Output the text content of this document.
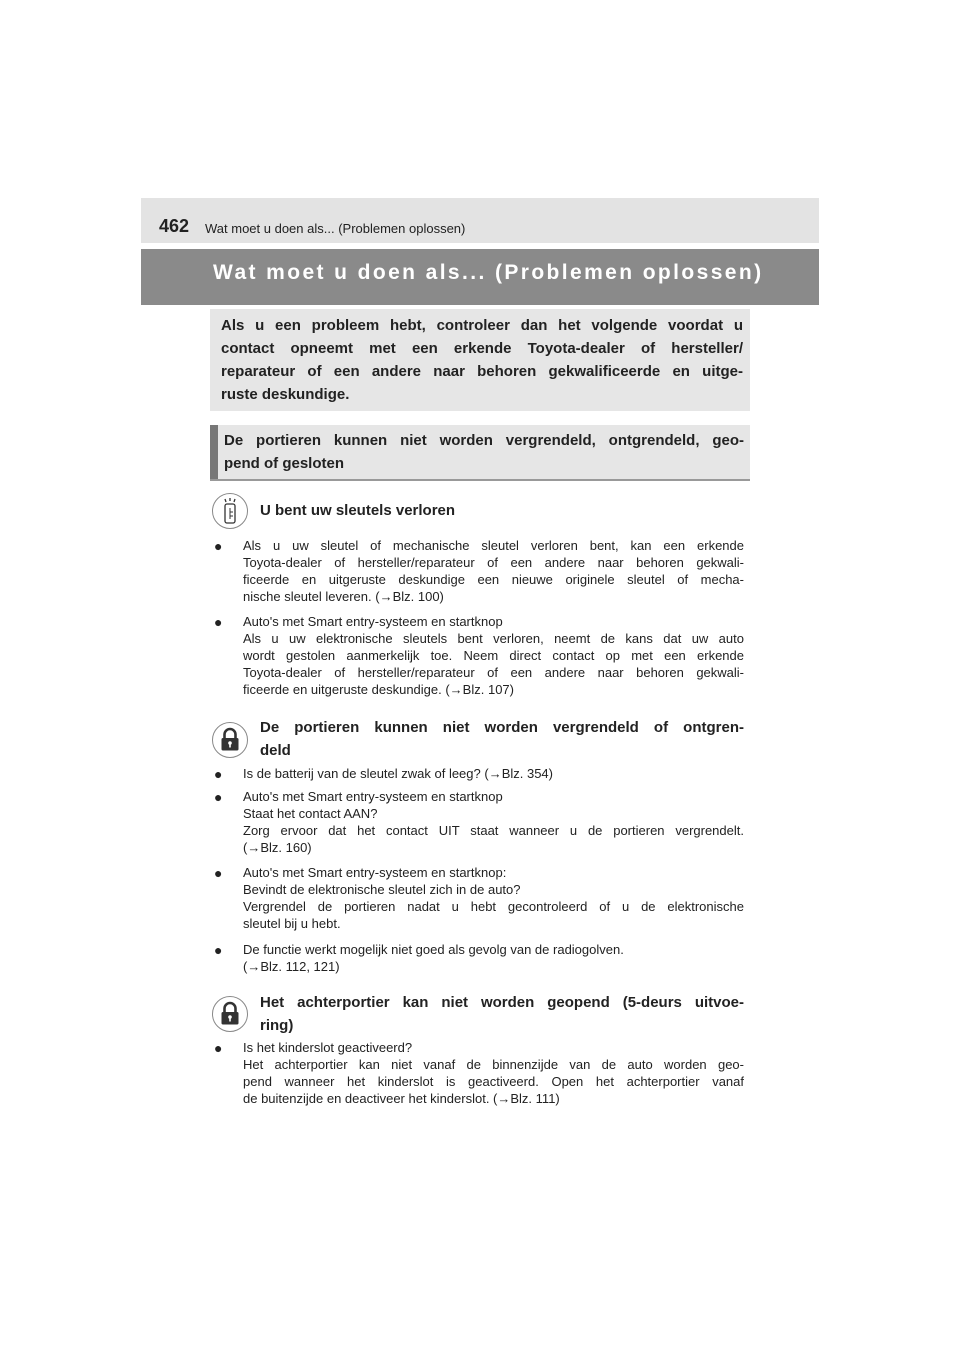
462 Wat moet u doen als... (Problemen oplossen)
Wat moet u doen als... (Problemen oplossen)
Als u een probleem hebt, controleer dan het volgende voordat u
contact opneemt met een erkende Toyota-dealer of hersteller/
reparateur of een andere naar behoren gekwalificeerde en uitge-
ruste deskundige.
De portieren kunnen niet worden vergrendeld, ontgrendeld, geo-
pend of gesloten
U bent uw sleutels verloren
● Als u uw sleutel of mechanische sleutel verloren bent, kan een erkende
Toyota-dealer of hersteller/reparateur of een andere naar behoren gekwali-
ficeerde en uitgeruste deskundige een nieuwe originele sleutel of mecha-
nische sleutel leveren. (→Blz. 100)
● Auto's met Smart entry-systeem en startknop
Als u uw elektronische sleutels bent verloren, neemt de kans dat uw auto
wordt gestolen aanmerkelijk toe. Neem direct contact op met een erkende
Toyota-dealer of hersteller/reparateur of een andere naar behoren gekwali-
ficeerde en uitgeruste deskundige. (→Blz. 107)
De portieren kunnen niet worden vergrendeld of ontgren-
deld
● Is de batterij van de sleutel zwak of leeg? (→Blz. 354)
● Auto's met Smart entry-systeem en startknop
Staat het contact AAN?
Zorg ervoor dat het contact UIT staat wanneer u de portieren vergrendelt.
(→Blz. 160)
● Auto's met Smart entry-systeem en startknop:
Bevindt de elektronische sleutel zich in de auto?
Vergrendel de portieren nadat u hebt gecontroleerd of u de elektronische
sleutel bij u hebt.
● De functie werkt mogelijk niet goed als gevolg van de radiogolven.
(→Blz. 112, 121)
Het achterportier kan niet worden geopend (5-deurs uitvoe-
ring)
● Is het kinderslot geactiveerd?
Het achterportier kan niet vanaf de binnenzijde van de auto worden geo-
pend wanneer het kinderslot is geactiveerd. Open het achterportier vanaf
de buitenzijde en deactiveer het kinderslot. (→Blz. 111)
